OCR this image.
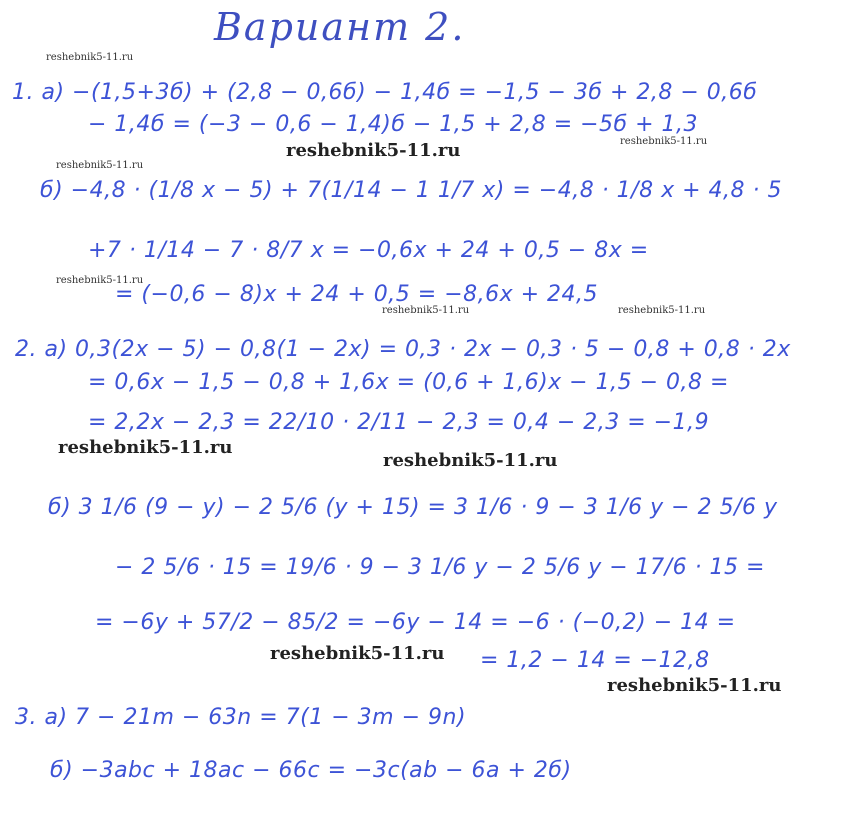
Вариант 2.
1. а) −(1,5+3б) + (2,8 − 0,6б) − 1,4б = −1,5 − 3б + 2,8 − 0,6б
− 1,4б = (−3 − 0,6 − 1,4)б − 1,5 + 2,8 = −5б + 1,3
б) −4,8 · (1/8 x − 5) + 7(1/14 − 1 1/7 x) = −4,8 · 1/8 x + 4,8 · 5
+7 · 1/14 − 7 · 8/7 x = −0,6x + 24 + 0,5 − 8x =
= (−0,6 − 8)x + 24 + 0,5 = −8,6x + 24,5
2. а) 0,3(2x − 5) − 0,8(1 − 2x) = 0,3 · 2x − 0,3 · 5 − 0,8 + 0,8 · 2x
= 0,6x − 1,5 − 0,8 + 1,6x = (0,6 + 1,6)x − 1,5 − 0,8 =
= 2,2x − 2,3 = 22/10 · 2/11 − 2,3 = 0,4 − 2,3 = −1,9
б) 3 1/6 (9 − y) − 2 5/6 (y + 15) = 3 1/6 · 9 − 3 1/6 y − 2 5/6 y
− 2 5/6 · 15 = 19/6 · 9 − 3 1/6 y − 2 5/6 y − 17/6 · 15 =
= −6y + 57/2 − 85/2 = −6y − 14 = −6 · (−0,2) − 14 =
= 1,2 − 14 = −12,8
3. а) 7 − 21m − 63n = 7(1 − 3m − 9n)
б) −3abc + 18ac − 66c = −3c(ab − 6a + 2б)
reshebnik5-11.ru
reshebnik5-11.ru	reshebnik5-11.ru
reshebnik5-11.ru
reshebnik5-11.ru
reshebnik5-11.ru	reshebnik5-11.ru
reshebnik5-11.ru
reshebnik5-11.ru
reshebnik5-11.ru
reshebnik5-11.ru
